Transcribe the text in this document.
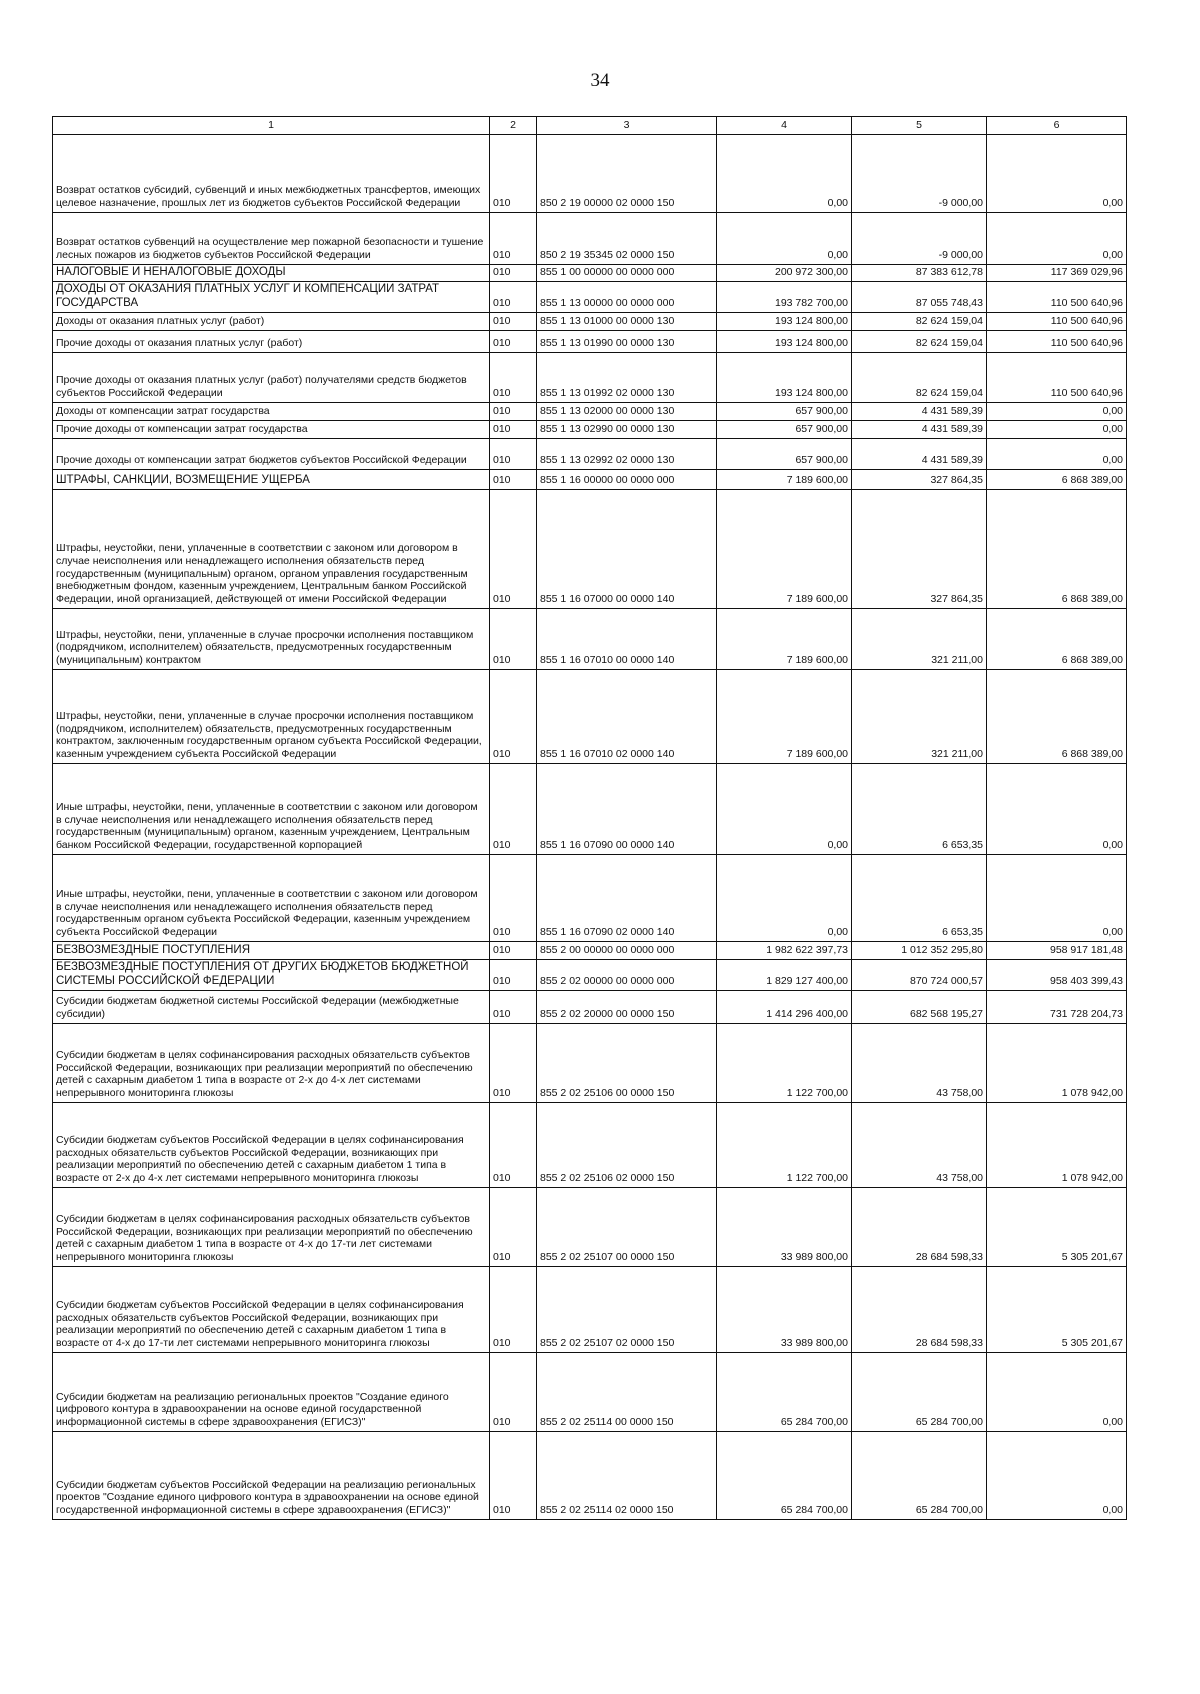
34
1	2	3	4	5	6
Возврат остатков субсидий, субвенций и иных межбюджетных трансфертов, имеющих целевое назначение, прошлых лет из бюджетов субъектов Российской Федерации	010	850 2 19 00000 02 0000 150	0,00	-9 000,00	0,00
Возврат остатков субвенций на осуществление мер пожарной безопасности и тушение лесных пожаров из бюджетов субъектов Российской Федерации	010	850 2 19 35345 02 0000 150	0,00	-9 000,00	0,00
НАЛОГОВЫЕ И НЕНАЛОГОВЫЕ ДОХОДЫ	010	855 1 00 00000 00 0000 000	200 972 300,00	87 383 612,78	117 369 029,96
ДОХОДЫ ОТ ОКАЗАНИЯ ПЛАТНЫХ УСЛУГ И КОМПЕНСАЦИИ ЗАТРАТ ГОСУДАРСТВА	010	855 1 13 00000 00 0000 000	193 782 700,00	87 055 748,43	110 500 640,96
Доходы от оказания платных услуг (работ)	010	855 1 13 01000 00 0000 130	193 124 800,00	82 624 159,04	110 500 640,96
Прочие доходы от оказания платных услуг (работ)	010	855 1 13 01990 00 0000 130	193 124 800,00	82 624 159,04	110 500 640,96
Прочие доходы от оказания платных услуг (работ) получателями средств бюджетов субъектов Российской Федерации	010	855 1 13 01992 02 0000 130	193 124 800,00	82 624 159,04	110 500 640,96
Доходы от компенсации затрат государства	010	855 1 13 02000 00 0000 130	657 900,00	4 431 589,39	0,00
Прочие доходы от компенсации затрат государства	010	855 1 13 02990 00 0000 130	657 900,00	4 431 589,39	0,00
Прочие доходы от компенсации затрат бюджетов субъектов Российской Федерации	010	855 1 13 02992 02 0000 130	657 900,00	4 431 589,39	0,00
ШТРАФЫ, САНКЦИИ, ВОЗМЕЩЕНИЕ УЩЕРБА	010	855 1 16 00000 00 0000 000	7 189 600,00	327 864,35	6 868 389,00
Штрафы, неустойки, пени, уплаченные в соответствии с законом или договором в случае неисполнения или ненадлежащего исполнения обязательств перед государственным (муниципальным) органом, органом управления государственным внебюджетным фондом, казенным учреждением, Центральным банком Российской Федерации, иной организацией, действующей от имени Российской Федерации	010	855 1 16 07000 00 0000 140	7 189 600,00	327 864,35	6 868 389,00
Штрафы, неустойки, пени, уплаченные в случае просрочки исполнения поставщиком (подрядчиком, исполнителем) обязательств, предусмотренных государственным (муниципальным) контрактом	010	855 1 16 07010 00 0000 140	7 189 600,00	321 211,00	6 868 389,00
Штрафы, неустойки, пени, уплаченные в случае просрочки исполнения поставщиком (подрядчиком, исполнителем) обязательств, предусмотренных государственным контрактом, заключенным государственным органом субъекта Российской Федерации, казенным учреждением субъекта Российской Федерации	010	855 1 16 07010 02 0000 140	7 189 600,00	321 211,00	6 868 389,00
Иные штрафы, неустойки, пени, уплаченные в соответствии с законом или договором в случае неисполнения или ненадлежащего исполнения обязательств перед государственным (муниципальным) органом, казенным учреждением, Центральным банком Российской Федерации, государственной корпорацией	010	855 1 16 07090 00 0000 140	0,00	6 653,35	0,00
Иные штрафы, неустойки, пени, уплаченные в соответствии с законом или договором в случае неисполнения или ненадлежащего исполнения обязательств перед государственным органом субъекта Российской Федерации, казенным учреждением субъекта Российской Федерации	010	855 1 16 07090 02 0000 140	0,00	6 653,35	0,00
БЕЗВОЗМЕЗДНЫЕ ПОСТУПЛЕНИЯ	010	855 2 00 00000 00 0000 000	1 982 622 397,73	1 012 352 295,80	958 917 181,48
БЕЗВОЗМЕЗДНЫЕ ПОСТУПЛЕНИЯ ОТ ДРУГИХ БЮДЖЕТОВ БЮДЖЕТНОЙ СИСТЕМЫ РОССИЙСКОЙ ФЕДЕРАЦИИ	010	855 2 02 00000 00 0000 000	1 829 127 400,00	870 724 000,57	958 403 399,43
Субсидии бюджетам бюджетной системы Российской Федерации (межбюджетные субсидии)	010	855 2 02 20000 00 0000 150	1 414 296 400,00	682 568 195,27	731 728 204,73
Субсидии бюджетам в целях софинансирования расходных обязательств субъектов Российской Федерации, возникающих при реализации мероприятий по обеспечению детей с сахарным диабетом 1 типа в возрасте от 2-х до 4-х лет системами непрерывного мониторинга глюкозы	010	855 2 02 25106 00 0000 150	1 122 700,00	43 758,00	1 078 942,00
Субсидии бюджетам субъектов Российской Федерации в целях софинансирования расходных обязательств субъектов Российской Федерации, возникающих при реализации мероприятий по обеспечению детей с сахарным диабетом 1 типа в возрасте от 2-х до 4-х лет системами непрерывного мониторинга глюкозы	010	855 2 02 25106 02 0000 150	1 122 700,00	43 758,00	1 078 942,00
Субсидии бюджетам в целях софинансирования расходных обязательств субъектов Российской Федерации, возникающих при реализации мероприятий по обеспечению детей с сахарным диабетом 1 типа в возрасте от 4-х до 17-ти лет системами непрерывного мониторинга глюкозы	010	855 2 02 25107 00 0000 150	33 989 800,00	28 684 598,33	5 305 201,67
Субсидии бюджетам субъектов Российской Федерации в целях софинансирования расходных обязательств субъектов Российской Федерации, возникающих при реализации мероприятий по обеспечению детей с сахарным диабетом 1 типа в возрасте от 4-х до 17-ти лет системами непрерывного мониторинга глюкозы	010	855 2 02 25107 02 0000 150	33 989 800,00	28 684 598,33	5 305 201,67
Субсидии бюджетам на реализацию региональных проектов "Создание единого цифрового контура в здравоохранении на основе единой государственной информационной системы в сфере здравоохранения (ЕГИСЗ)"	010	855 2 02 25114 00 0000 150	65 284 700,00	65 284 700,00	0,00
Субсидии бюджетам субъектов Российской Федерации на реализацию региональных проектов "Создание единого цифрового контура в здравоохранении на основе единой государственной информационной системы в сфере здравоохранения (ЕГИСЗ)"	010	855 2 02 25114 02 0000 150	65 284 700,00	65 284 700,00	0,00
